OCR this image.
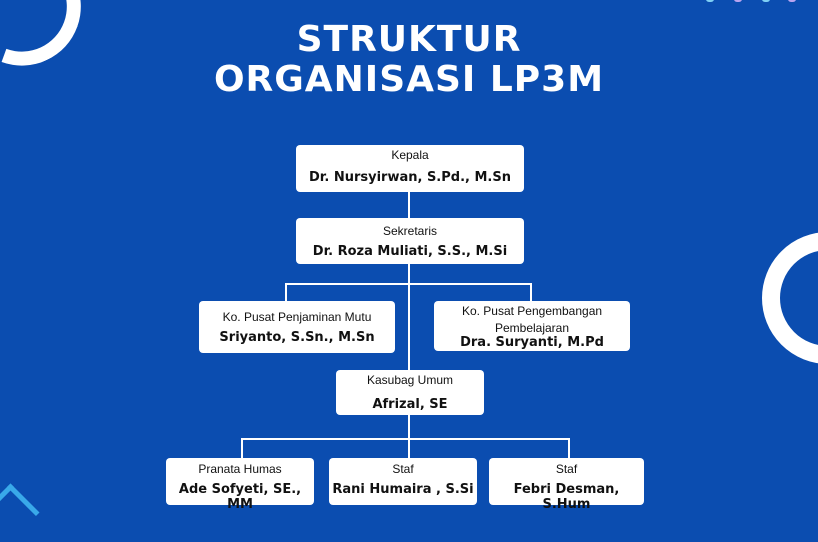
STRUKTUR
ORGANISASI LP3M
Kepala
Dr. Nursyirwan, S.Pd., M.Sn
Sekretaris
Dr. Roza Muliati, S.S., M.Si
Ko. Pusat Penjaminan Mutu
Sriyanto, S.Sn., M.Sn
Ko. Pusat Pengembangan
Pembelajaran
Dra. Suryanti, M.Pd
Kasubag Umum
Afrizal, SE
Pranata Humas
Ade Sofyeti, SE., MM
Staf
Rani Humaira , S.Si
Staf
Febri Desman, S.Hum
